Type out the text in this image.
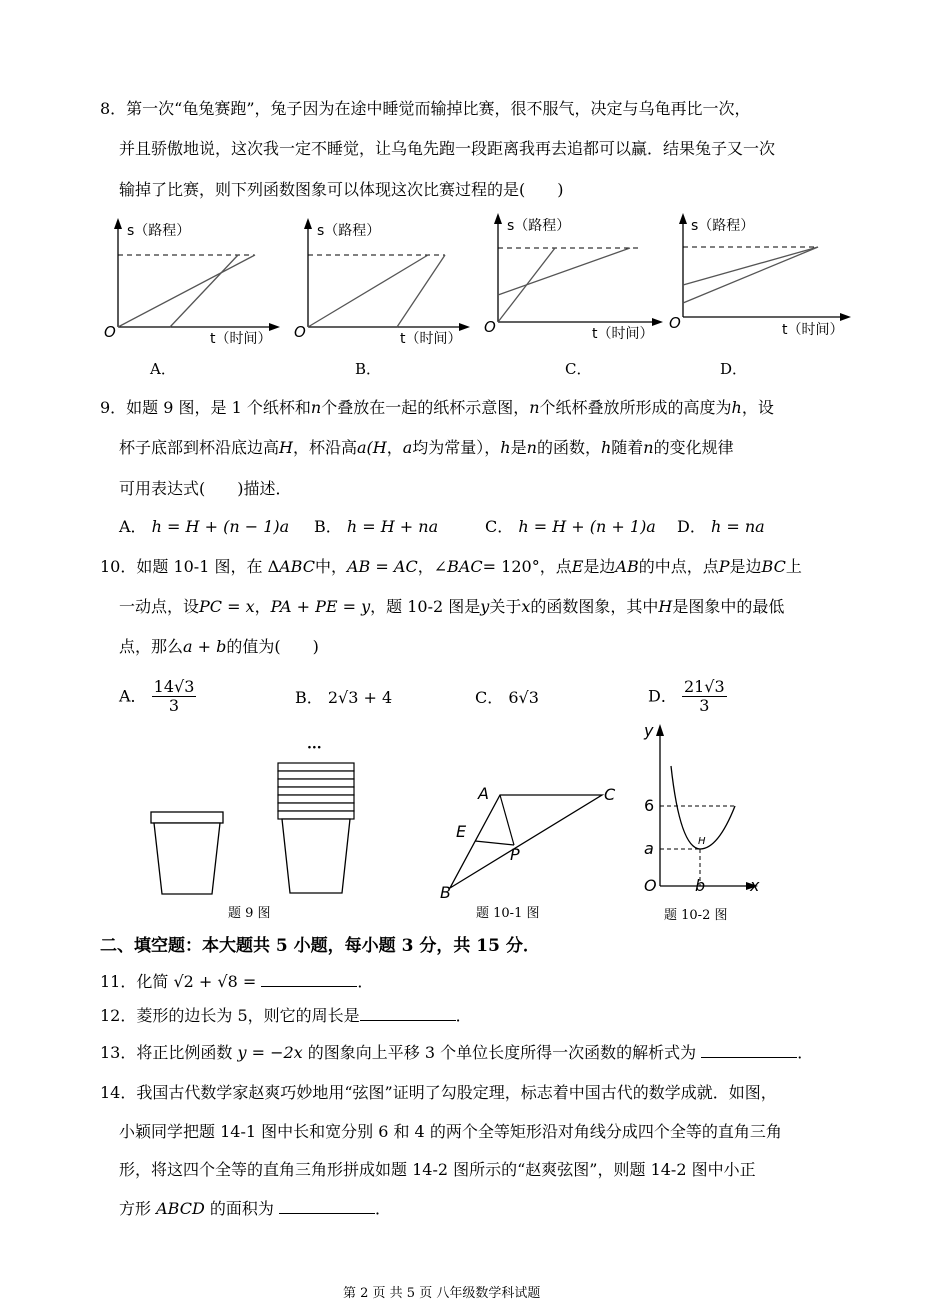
8．第一次“龟兔赛跑”，兔子因为在途中睡觉而输掉比赛，很不服气，决定与乌龟再比一次，
并且骄傲地说，这次我一定不睡觉，让乌龟先跑一段距离我再去追都可以赢．结果兔子又一次
输掉了比赛，则下列函数图象可以体现这次比赛过程的是(　　)
s（路程）
O	t（时间）
s（路程）
O	t（时间）
s（路程）
O	t（时间）
s（路程）
O	t（时间）
A．	B．	C．	D．
9．如题 9 图，是 1 个纸杯和n个叠放在一起的纸杯示意图，n个纸杯叠放所形成的高度为h，设
杯子底部到杯沿底边高H，杯沿高a(H，a均为常量），h是n的函数，h随着n的变化规律
可用表达式(　　)描述．
A． h = H + (n − 1)a B． h = H + na	C． h = H + (n + 1)a D． h = na
10．如题 10-1 图，在 ΔABC中，AB = AC，∠BAC= 120°，点E是边AB的中点，点P是边BC上
一动点，设PC = x，PA + PE = y，题 10-2 图是y关于x的函数图象，其中H是图象中的最低
点，那么a + b的值为(　　)
A． $\frac{14√3}{3}$	B． 2√3 + 4	C． 6√3	D． $\frac{21√3}{3}$
···
题 9 图
A	C
E
P
B
题 10-1 图
y
6
a
O b	x
H
题 10-2 图
二、填空题：本大题共 5 小题，每小题 3 分，共 15 分．
11．化简 √2 + √8 =	．
12．菱形的边长为 5，则它的周长是	．
13．将正比例函数 y = −2x 的图象向上平移 3 个单位长度所得一次函数的解析式为	．
14．我国古代数学家赵爽巧妙地用“弦图”证明了勾股定理，标志着中国古代的数学成就．如图，
小颖同学把题 14-1 图中长和宽分别 6 和 4 的两个全等矩形沿对角线分成四个全等的直角三角
形，将这四个全等的直角三角形拼成如题 14-2 图所示的“赵爽弦图”，则题 14-2 图中小正
方形 ABCD 的面积为	．
第 2 页 共 5 页 八年级数学科试题
